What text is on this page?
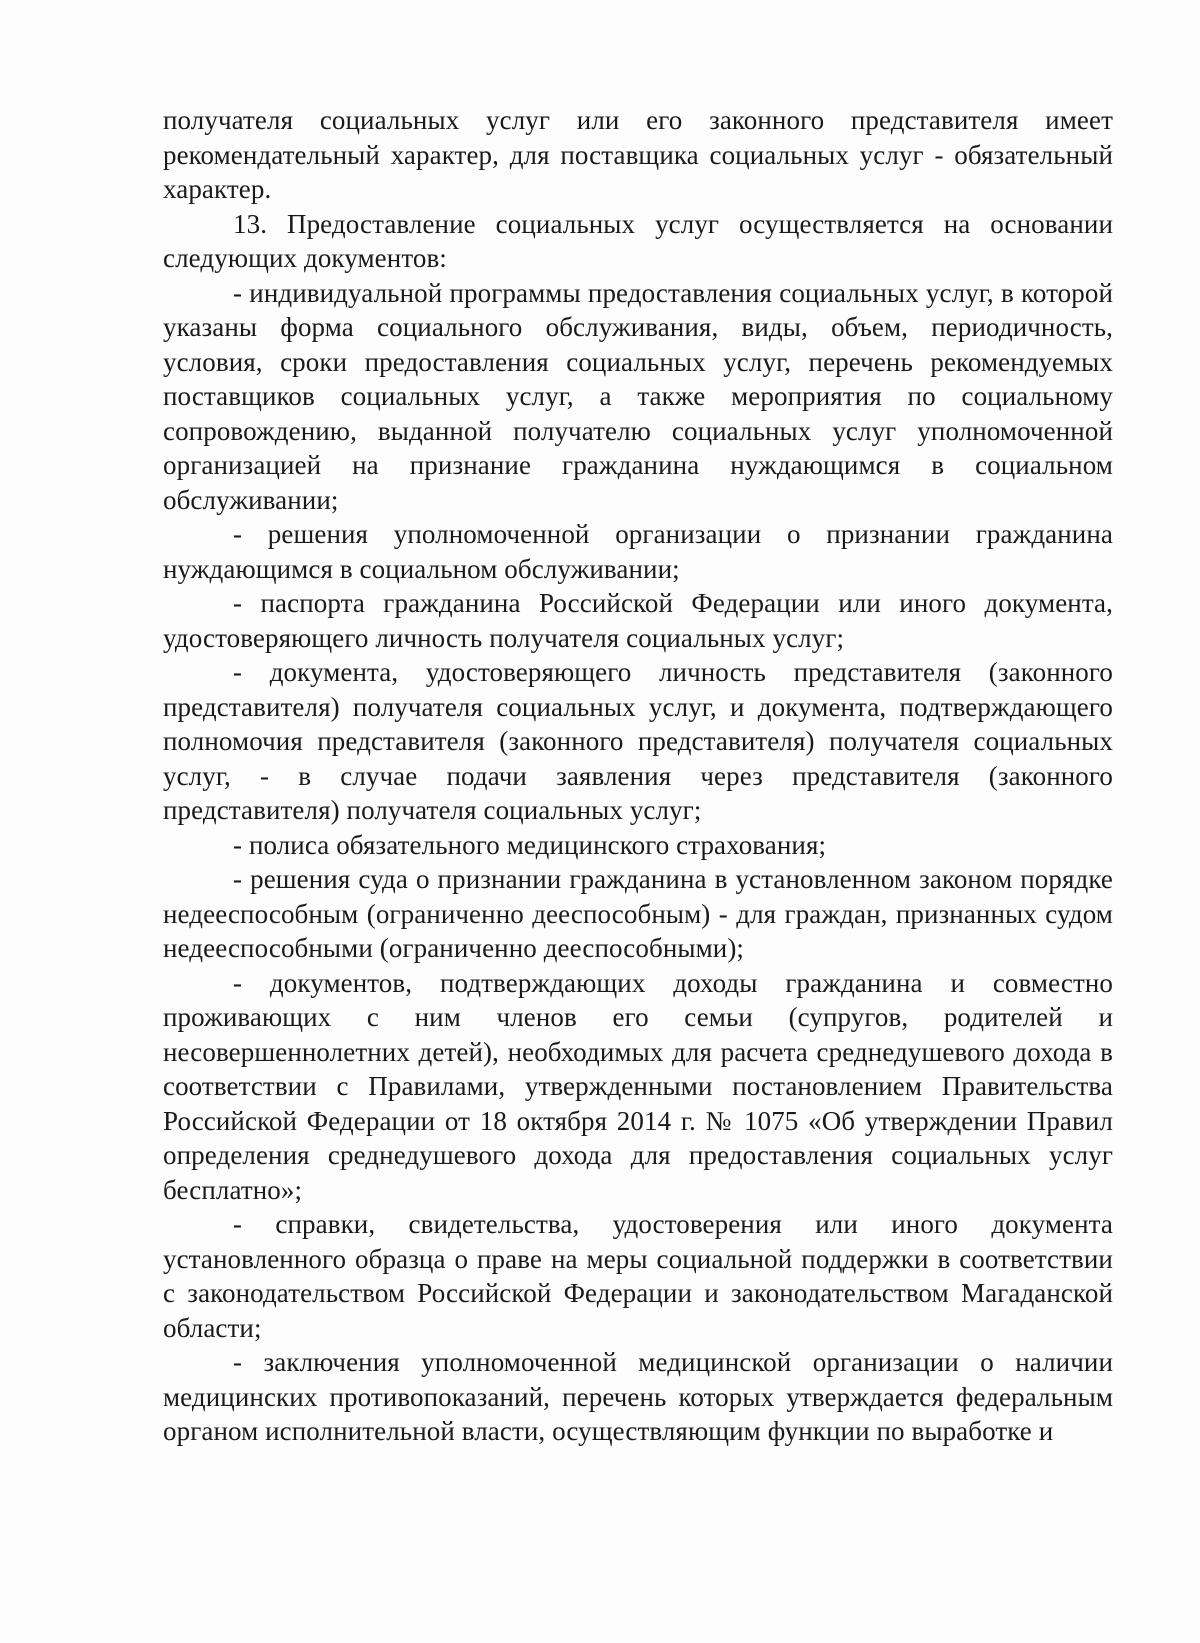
получателя социальных услуг или его законного представителя имеет рекомендательный характер, для поставщика социальных услуг - обязательный характер.

13. Предоставление социальных услуг осуществляется на основании следующих документов:

- индивидуальной программы предоставления социальных услуг, в которой указаны форма социального обслуживания, виды, объем, периодичность, условия, сроки предоставления социальных услуг, перечень рекомендуемых поставщиков социальных услуг, а также мероприятия по социальному сопровождению, выданной получателю социальных услуг уполномоченной организацией на признание гражданина нуждающимся в социальном обслуживании;

- решения уполномоченной организации о признании гражданина нуждающимся в социальном обслуживании;

- паспорта гражданина Российской Федерации или иного документа, удостоверяющего личность получателя социальных услуг;

- документа, удостоверяющего личность представителя (законного представителя) получателя социальных услуг, и документа, подтверждающего полномочия представителя (законного представителя) получателя социальных услуг, - в случае подачи заявления через представителя (законного представителя) получателя социальных услуг;

- полиса обязательного медицинского страхования;

- решения суда о признании гражданина в установленном законом порядке недееспособным (ограниченно дееспособным) - для граждан, признанных судом недееспособными (ограниченно дееспособными);

- документов, подтверждающих доходы гражданина и совместно проживающих с ним членов его семьи (супругов, родителей и несовершеннолетних детей), необходимых для расчета среднедушевого дохода в соответствии с Правилами, утвержденными постановлением Правительства Российской Федерации от 18 октября 2014 г. № 1075 «Об утверждении Правил определения среднедушевого дохода для предоставления социальных услуг бесплатно»;

- справки, свидетельства, удостоверения или иного документа установленного образца о праве на меры социальной поддержки в соответствии с законодательством Российской Федерации и законодательством Магаданской области;

- заключения уполномоченной медицинской организации о наличии медицинских противопоказаний, перечень которых утверждается федеральным органом исполнительной власти, осуществляющим функции по выработке и
